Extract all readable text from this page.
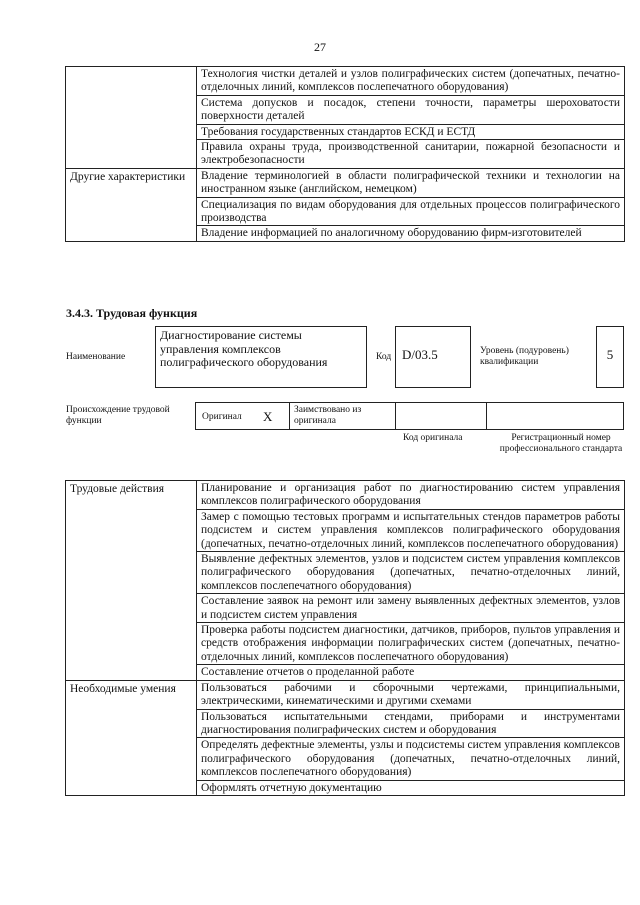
27
	Технология чистки деталей и узлов полиграфических систем (допечатных, печатно-отделочных линий, комплексов послепечатного оборудования)
	Система допусков и посадок, степени точности, параметры шероховатости поверхности деталей
	Требования государственных стандартов ЕСКД и ЕСТД
	Правила охраны труда, производственной санитарии, пожарной безопасности и электробезопасности
Другие характеристики	Владение терминологией в области полиграфической техники и технологии на иностранном языке (английском, немецком)
	Специализация по видам оборудования для отдельных процессов полиграфического производства
	Владение информацией по аналогичному оборудованию фирм-изготовителей
3.4.3. Трудовая функция
Наименование
Диагностирование системы управления комплексов полиграфического оборудования	Код D/03.5	Уровень (подуровень) квалификации	5
Происхождение трудовой функции	Оригинал X Заимствовано из оригинала
Код оригинала	Регистрационный номер профессионального стандарта
Трудовые действия	Планирование и организация работ по диагностированию систем управления комплексов полиграфического оборудования
	Замер с помощью тестовых программ и испытательных стендов параметров работы подсистем и систем управления комплексов полиграфического оборудования (допечатных, печатно-отделочных линий, комплексов послепечатного оборудования)
	Выявление дефектных элементов, узлов и подсистем систем управления комплексов полиграфического оборудования (допечатных, печатно-отделочных линий, комплексов послепечатного оборудования)
	Составление заявок на ремонт или замену выявленных дефектных элементов, узлов и подсистем систем управления
	Проверка работы подсистем диагностики, датчиков, приборов, пультов управления и средств отображения информации полиграфических систем (допечатных, печатно-отделочных линий, комплексов послепечатного оборудования)
	Составление отчетов о проделанной работе
Необходимые умения	Пользоваться рабочими и сборочными чертежами, принципиальными, электрическими, кинематическими и другими схемами
	Пользоваться испытательными стендами, приборами и инструментами диагностирования полиграфических систем и оборудования
	Определять дефектные элементы, узлы и подсистемы систем управления комплексов полиграфического оборудования (допечатных, печатно-отделочных линий, комплексов послепечатного оборудования)
	Оформлять отчетную документацию
